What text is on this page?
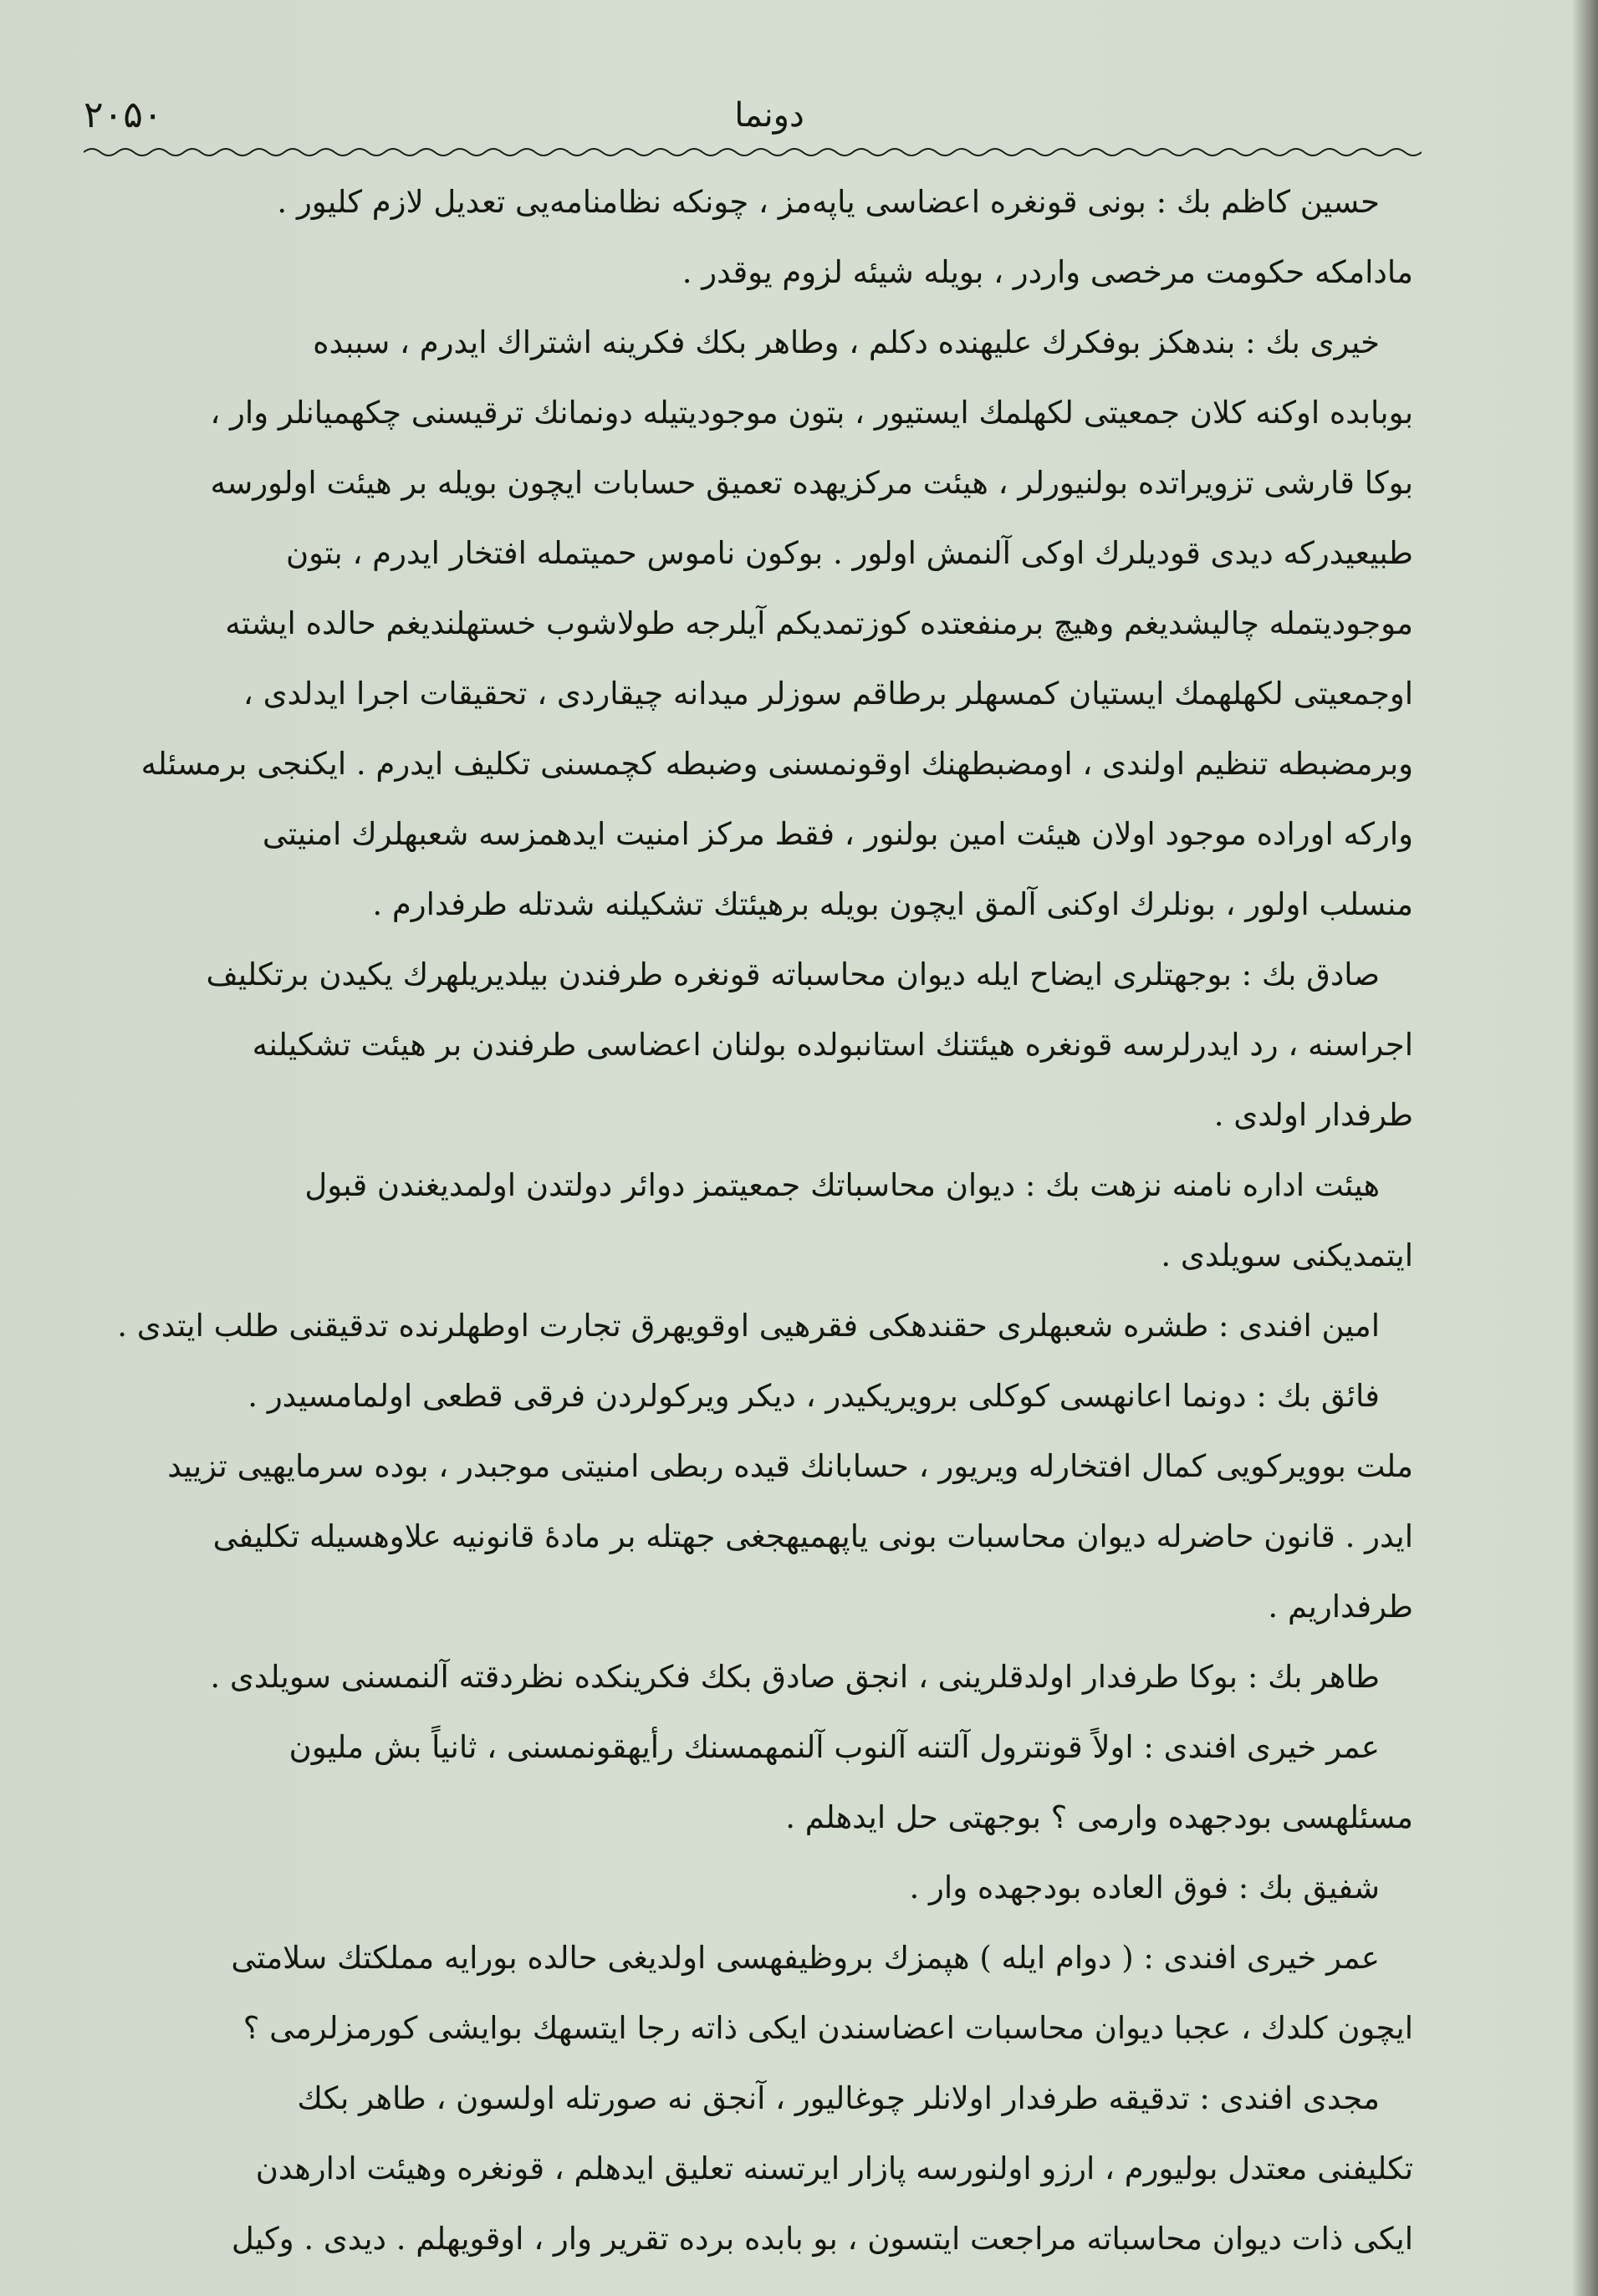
۲۰۵۰	دونما
حسین کاظم بك : بونی قونغره اعضاسی یاپەمز ، چونکه نظامنامەیی تعدیل لازم کلیور .
مادامکه حکومت مرخصی واردر ، بویله شیئه لزوم یوقدر .
خیری بك : بندهکز بوفکرك علیهنده دکلم ، وطاهر بکك فکرینه اشتراك ایدرم ، سببده
بوبابده اوکنه کلان جمعیتی لکهلمك ایستیور ، بتون موجودیتیله دونمانك ترقیسنی چکهمیانلر وار ،
بوکا قارشی تزویراتده بولنیورلر ، هیئت مرکزیهده تعمیق حسابات ایچون بویله بر هیئت اولورسه
طبیعیدرکه دیدی قودیلرك اوکی آلنمش اولور . بوکون ناموس حمیتمله افتخار ایدرم ، بتون
موجودیتمله چالیشدیغم وهیچ برمنفعتده کوزتمدیکم آیلرجه طولاشوب خستهلندیغم حالده ایشته
اوجمعیتی لکهلهمك ایستیان کمسهلر برطاقم سوزلر میدانه چیقاردی ، تحقیقات اجرا ایدلدی ،
وبرمضبطه تنظیم اولندی ، اومضبطهنك اوقونمسنی وضبطه کچمسنی تکلیف ایدرم . ایکنجی برمسئله
وارکه اوراده موجود اولان هیئت امین بولنور ، فقط مرکز امنیت ایدهمزسه شعبهلرك امنیتی
منسلب اولور ، بونلرك اوکنی آلمق ایچون بویله برهیئتك تشکیلنه شدتله طرفدارم .
صادق بك : بوجهتلری ایضاح ایله دیوان محاسباته قونغره طرفندن بیلدیریلهرك یکیدن برتکلیف
اجراسنه ، رد ایدرلرسه قونغره هیئتنك استانبولده بولنان اعضاسی طرفندن بر هیئت تشکیلنه
طرفدار اولدی .
هیئت اداره نامنه نزهت بك : دیوان محاسباتك جمعیتمز دوائر دولتدن اولمدیغندن قبول
ایتمدیکنی سویلدی .
امین افندی : طشره شعبهلری حقندهکی فقرهیی اوقویهرق تجارت اوطهلرنده تدقیقنی طلب ایتدی .
فائق بك : دونما اعانهسی کوکلی برویریکیدر ، دیکر ویرکولردن فرقی قطعی اولمامسیدر .
ملت بوویرکویی کمال افتخارله ویریور ، حسابانك قیده ربطی امنیتی موجبدر ، بوده سرمایهیی تزیید
ایدر . قانون حاضرله دیوان محاسبات بونی یاپهمیهجغی جهتله بر مادهٔ قانونیه علاوهسیله تکلیفی
طرفداریم .
طاهر بك : بوکا طرفدار اولدقلرینی ، انجق صادق بکك فکرینکده نظردقته آلنمسنی سویلدی .
عمر خیری افندی : اولاً قونترول آلتنه آلنوب آلنمهمسنك رأیهقونمسنی ، ثانیاً بش ملیون
مسئلهسی بودجهده وارمی ؟ بوجهتی حل ایدهلم .
شفیق بك : فوق العاده بودجهده وار .
عمر خیری افندی : ( دوام ایله ) هپمزك بروظیفهسی اولدیغی حالده بورایه مملکتك سلامتی
ایچون کلدك ، عجبا دیوان محاسبات اعضاسندن ایکی ذاته رجا ایتسهك بوایشی کورمزلرمی ؟
مجدی افندی : تدقیقه طرفدار اولانلر چوغالیور ، آنجق نه صورتله اولسون ، طاهر بکك
تکلیفنی معتدل بولیورم ، ارزو اولنورسه پازار ایرتسنه تعلیق ایدهلم ، قونغره وهیئت ادارهدن
ایکی ذات دیوان محاسباته مراجعت ایتسون ، بو بابده برده تقریر وار ، اوقویهلم . دیدی . وکیل
